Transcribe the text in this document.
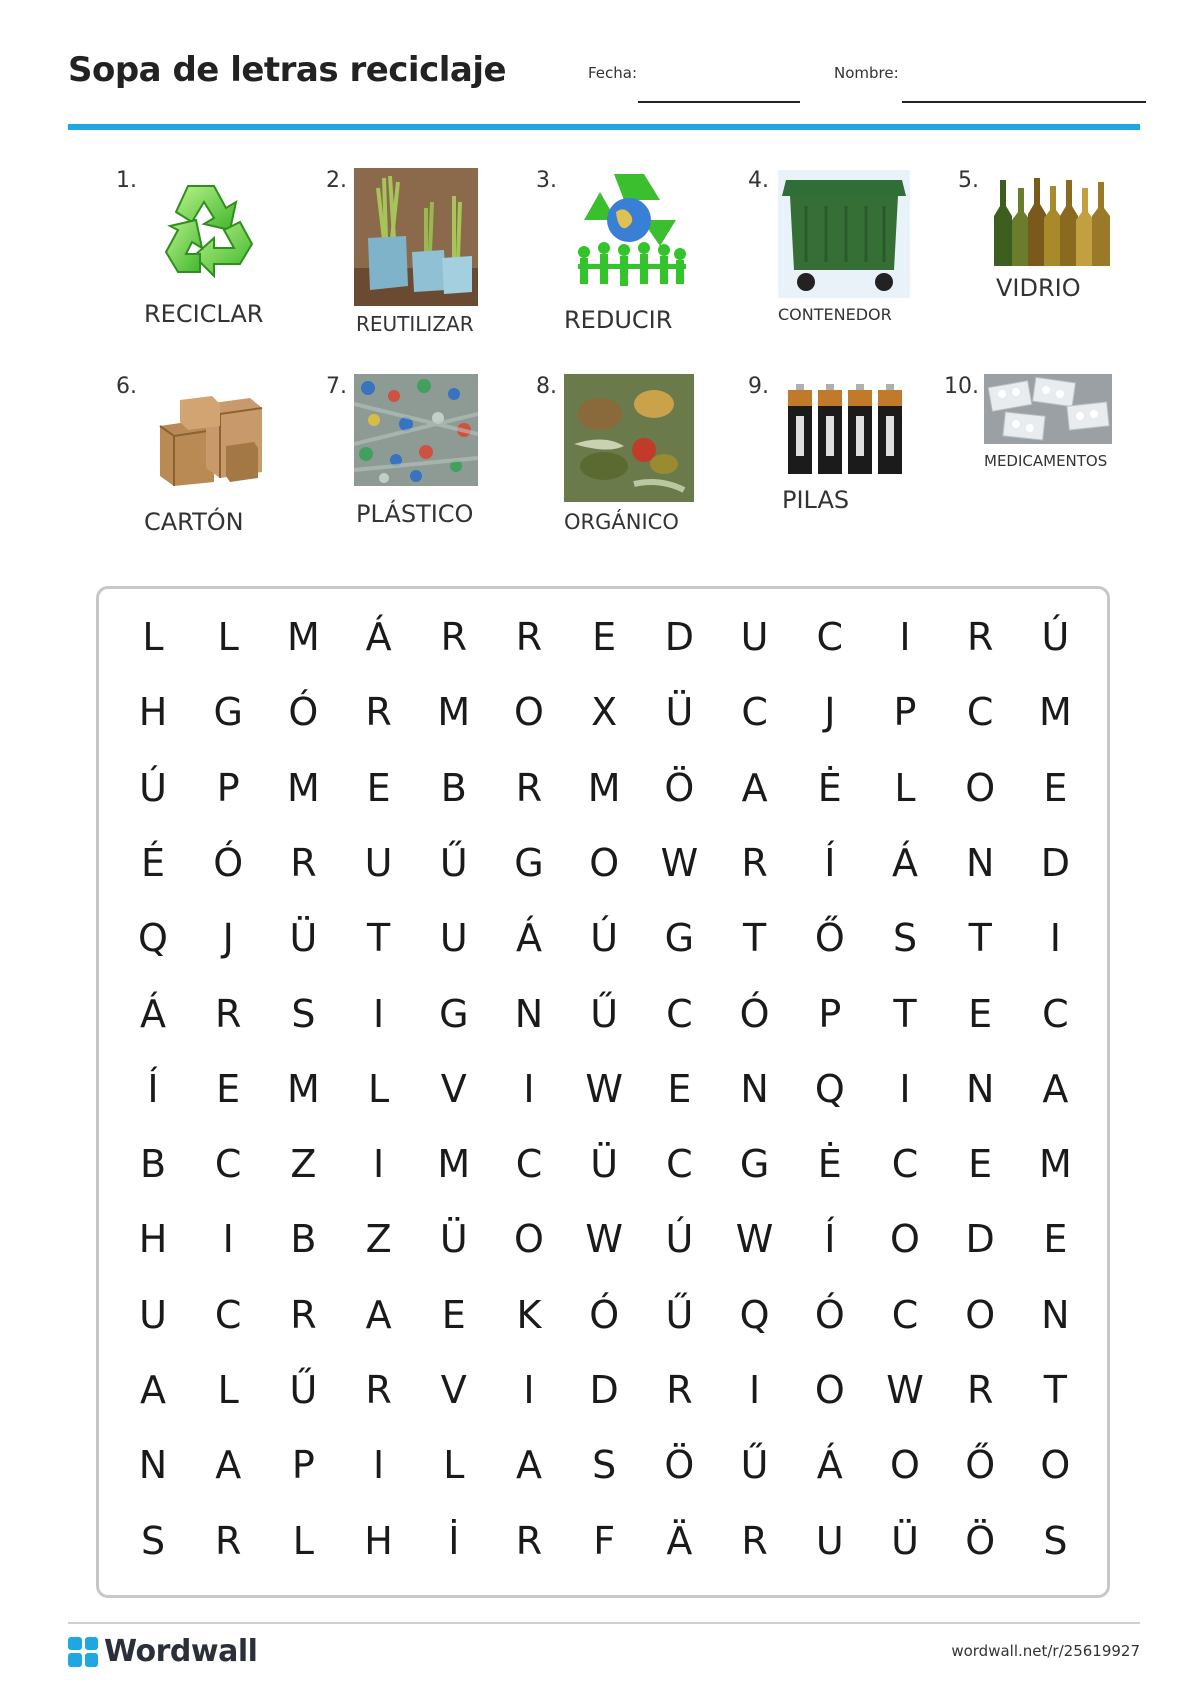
Sopa de letras reciclaje	Fecha:	Nombre:
1.
RECICLAR
2.
REUTILIZAR
3.
REDUCIR
4.
CONTENEDOR
5.
VIDRIO
6.
CARTÓN
7.
PLÁSTICO
8.
ORGÁNICO
9.
PILAS
10.
MEDICAMENTOS
L	L	M	Á	R	R	E	D	U	C	I	R	Ú
H	G	Ó	R	M	O	X	Ü	C	J	P	C	M
Ú	P	M	E	B	R	M	Ö	A	Ė	L	O	E
É	Ó	R	U	Ű	G	O	W	R	Í	Á	N	D
Q	J	Ü	T	U	Á	Ú	G	T	Ő	S	T	I
Á	R	S	I	G	N	Ű	C	Ó	P	T	E	C
Í	E	M	L	V	I	W	E	N	Q	I	N	A
B	C	Z	I	M	C	Ü	C	G	Ė	C	E	M
H	I	B	Z	Ü	O	W	Ú	W	Í	O	D	E
U	C	R	A	E	K	Ó	Ű	Q	Ó	C	O	N
A	L	Ű	R	V	I	D	R	I	O	W	R	T
N	A	P	I	L	A	S	Ö	Ű	Á	O	Ő	O
S	R	L	H	İ	R	F	Ä	R	U	Ü	Ö	S
Wordwall	wordwall.net/r/25619927
